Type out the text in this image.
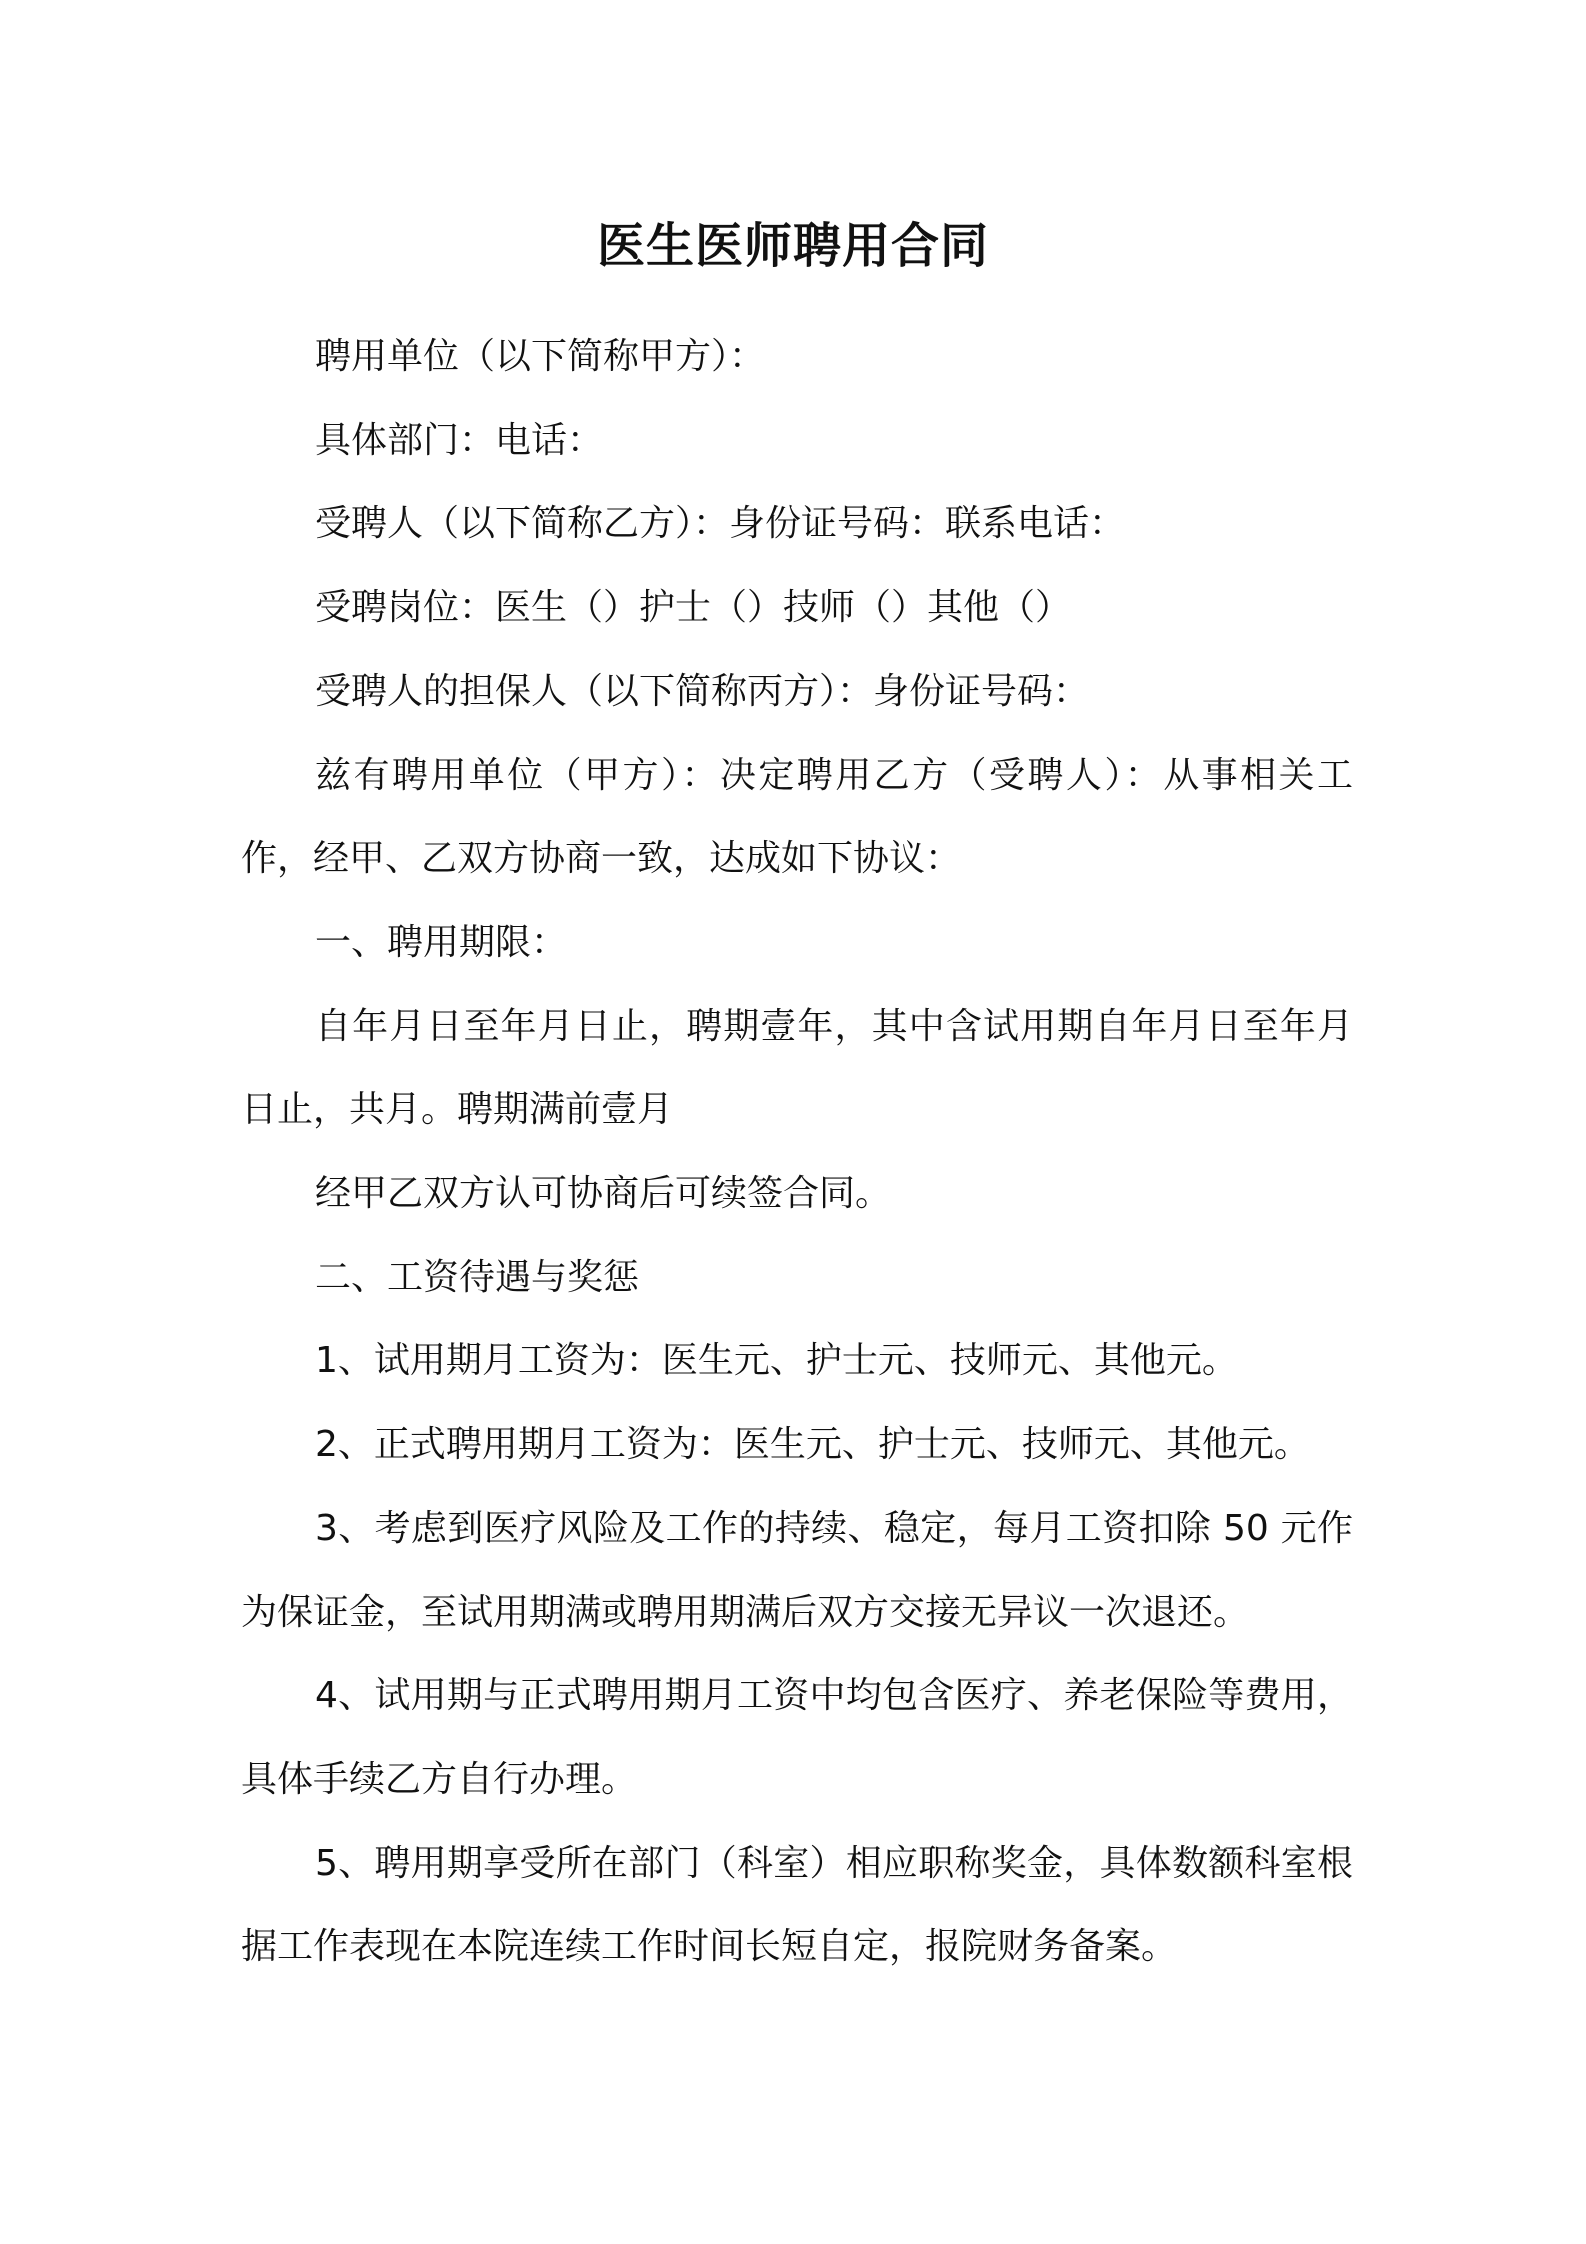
医生医师聘用合同

聘用单位（以下简称甲方）：

具体部门：电话：

受聘人（以下简称乙方）：身份证号码：联系电话：

受聘岗位：医生（）护士（）技师（）其他（）

受聘人的担保人（以下简称丙方）：身份证号码：

兹有聘用单位（甲方）：决定聘用乙方（受聘人）：从事相关工作，经甲、乙双方协商一致，达成如下协议：

一、聘用期限：

自年月日至年月日止，聘期壹年，其中含试用期自年月日至年月日止，共月。聘期满前壹月

经甲乙双方认可协商后可续签合同。

二、工资待遇与奖惩

1、试用期月工资为：医生元、护士元、技师元、其他元。

2、正式聘用期月工资为：医生元、护士元、技师元、其他元。

3、考虑到医疗风险及工作的持续、稳定，每月工资扣除 50 元作为保证金，至试用期满或聘用期满后双方交接无异议一次退还。

4、试用期与正式聘用期月工资中均包含医疗、养老保险等费用，具体手续乙方自行办理。

5、聘用期享受所在部门（科室）相应职称奖金，具体数额科室根据工作表现在本院连续工作时间长短自定，报院财务备案。
